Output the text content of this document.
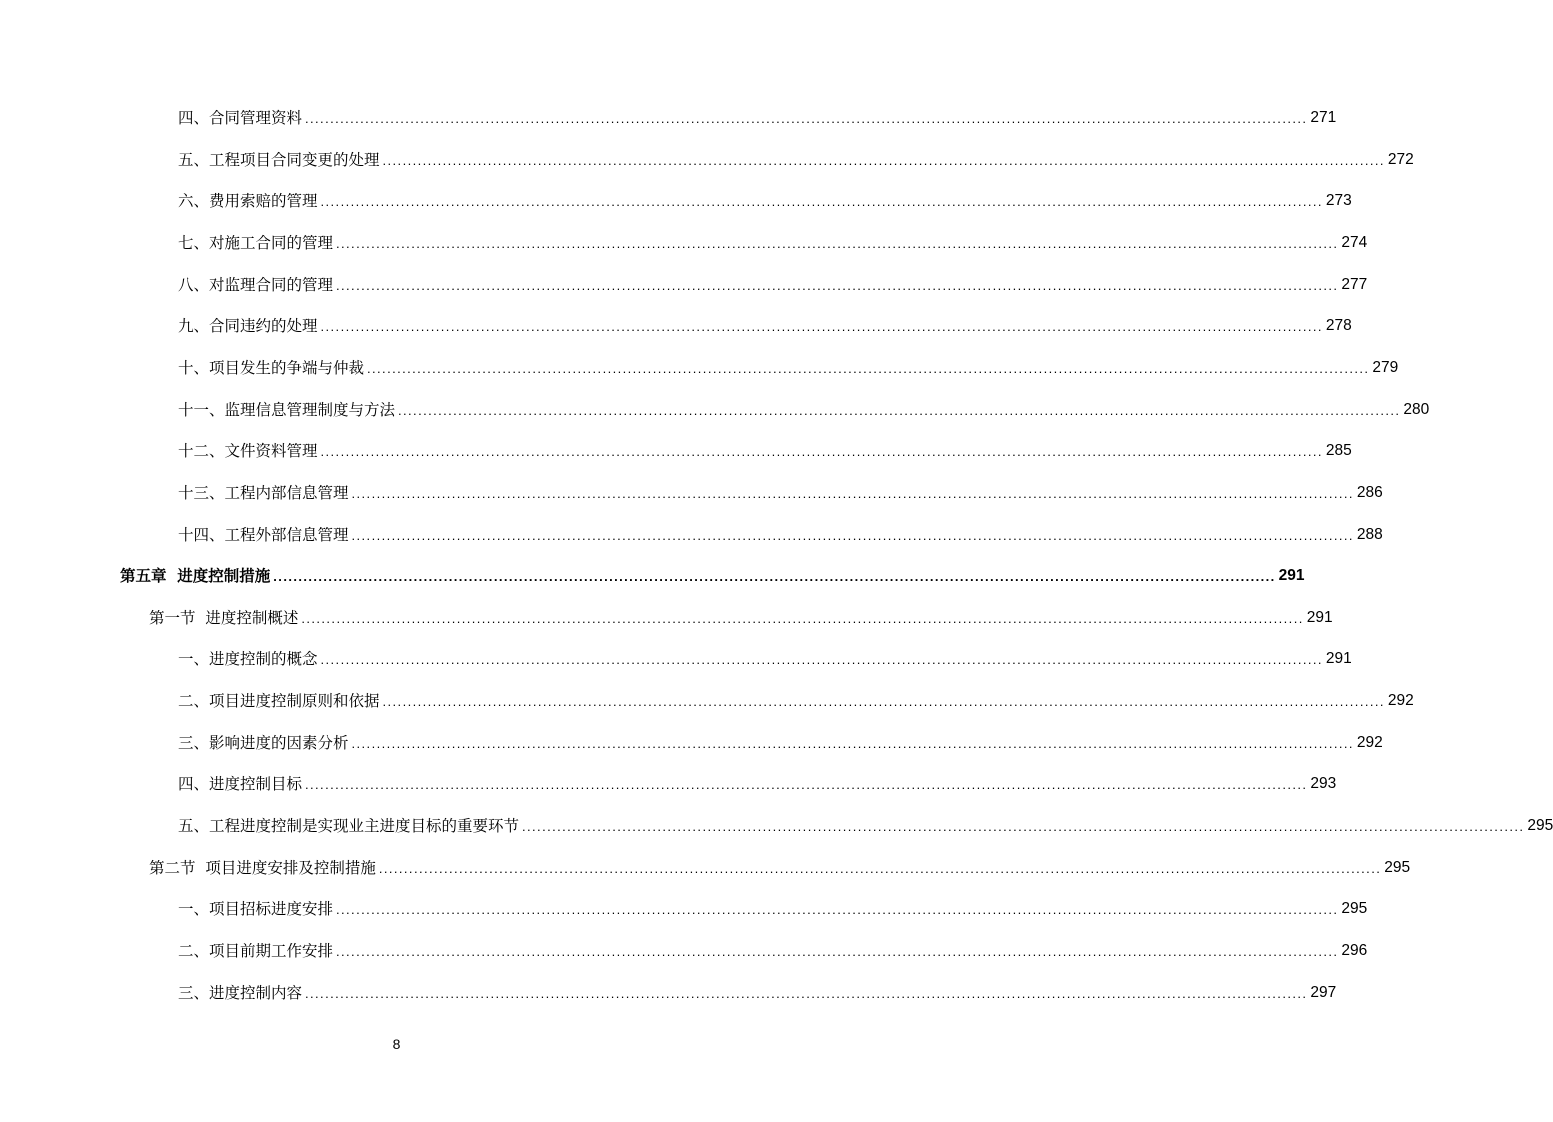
四、合同管理资料 ........................................................................................................................................................................................................ 271
五、工程项目合同变更的处理 ........................................................................................................................................................................................................ 272
六、费用索赔的管理 ........................................................................................................................................................................................................ 273
七、对施工合同的管理 ........................................................................................................................................................................................................ 274
八、对监理合同的管理 ........................................................................................................................................................................................................ 277
九、合同违约的处理 ........................................................................................................................................................................................................ 278
十、项目发生的争端与仲裁 ........................................................................................................................................................................................................ 279
十一、监理信息管理制度与方法 ........................................................................................................................................................................................................ 280
十二、文件资料管理 ........................................................................................................................................................................................................ 285
十三、工程内部信息管理 ........................................................................................................................................................................................................ 286
十四、工程外部信息管理 ........................................................................................................................................................................................................ 288
第五章  进度控制措施 ........................................................................................................................................................................................................ 291
第一节  进度控制概述 ........................................................................................................................................................................................................ 291
一、进度控制的概念 ........................................................................................................................................................................................................ 291
二、项目进度控制原则和依据 ........................................................................................................................................................................................................ 292
三、影响进度的因素分析 ........................................................................................................................................................................................................ 292
四、进度控制目标 ........................................................................................................................................................................................................ 293
五、工程进度控制是实现业主进度目标的重要环节 ........................................................................................................................................................................................................ 295
第二节  项目进度安排及控制措施 ........................................................................................................................................................................................................ 295
一、项目招标进度安排 ........................................................................................................................................................................................................ 295
二、项目前期工作安排 ........................................................................................................................................................................................................ 296
三、进度控制内容 ........................................................................................................................................................................................................ 297
8
